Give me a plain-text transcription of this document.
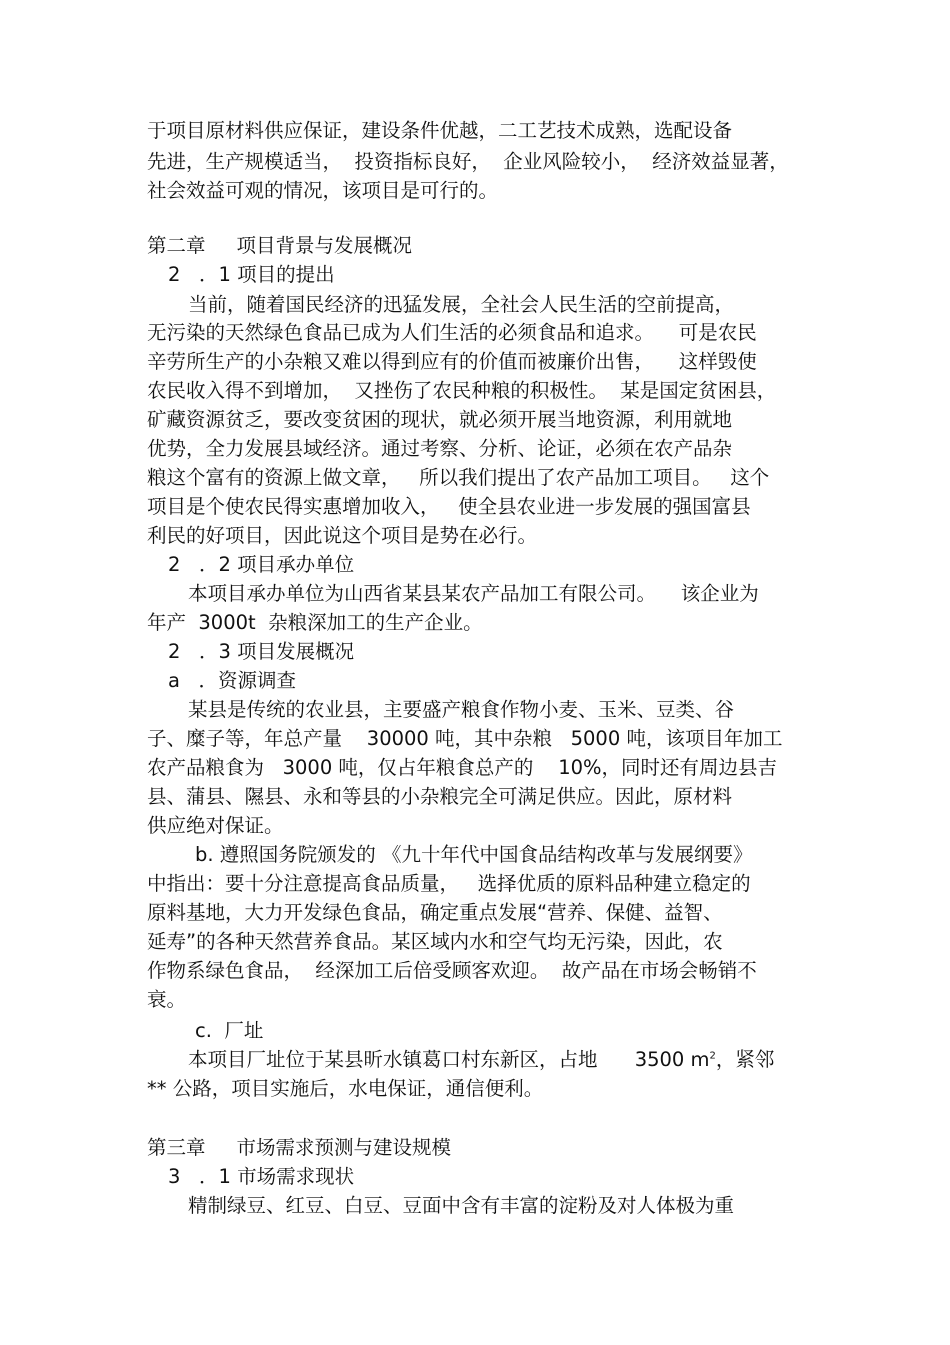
于项目原材料供应保证，建设条件优越，二工艺技术成熟，选配设备

先进，生产规模适当，  投资指标良好，  企业风险较小，  经济效益显著，

社会效益可观的情况，该项目是可行的。

第二章     项目背景与发展概况

2   ．1 项目的提出

当前，随着国民经济的迅猛发展，全社会人民生活的空前提高，

无污染的天然绿色食品已成为人们生活的必须食品和追求。    可是农民

辛劳所生产的小杂粮又难以得到应有的价值而被廉价出售，    这样毁使

农民收入得不到增加，  又挫伤了农民种粮的积极性。  某是国定贫困县，

矿藏资源贫乏，要改变贫困的现状，就必须开展当地资源，利用就地

优势，全力发展县域经济。通过考察、分析、论证，必须在农产品杂

粮这个富有的资源上做文章，   所以我们提出了农产品加工项目。   这个

项目是个使农民得实惠增加收入，   使全县农业进一步发展的强国富县

利民的好项目，因此说这个项目是势在必行。

2   ．2 项目承办单位

本项目承办单位为山西省某县某农产品加工有限公司。    该企业为

年产  3000t  杂粮深加工的生产企业。

2   ．3 项目发展概况

a   ．资源调查

某县是传统的农业县，主要盛产粮食作物小麦、玉米、豆类、谷

子、糜子等，年总产量    30000 吨，其中杂粮   5000 吨，该项目年加工

农产品粮食为   3000 吨，仅占年粮食总产的    10%，同时还有周边县吉

县、蒲县、隰县、永和等县的小杂粮完全可满足供应。因此，原材料

供应绝对保证。

b. 遵照国务院颁发的 《九十年代中国食品结构改革与发展纲要》

中指出：要十分注意提高食品质量，   选择优质的原料品种建立稳定的

原料基地，大力开发绿色食品，确定重点发展“营养、保健、益智、

延寿”的各种天然营养食品。某区域内水和空气均无污染，因此，农

作物系绿色食品，  经深加工后倍受顾客欢迎。  故产品在市场会畅销不

衰。

c.  厂址

本项目厂址位于某县昕水镇葛口村东新区，占地      3500 $m^2$，紧邻

** 公路，项目实施后，水电保证，通信便利。

第三章     市场需求预测与建设规模

3   ．1 市场需求现状

精制绿豆、红豆、白豆、豆面中含有丰富的淀粉及对人体极为重
